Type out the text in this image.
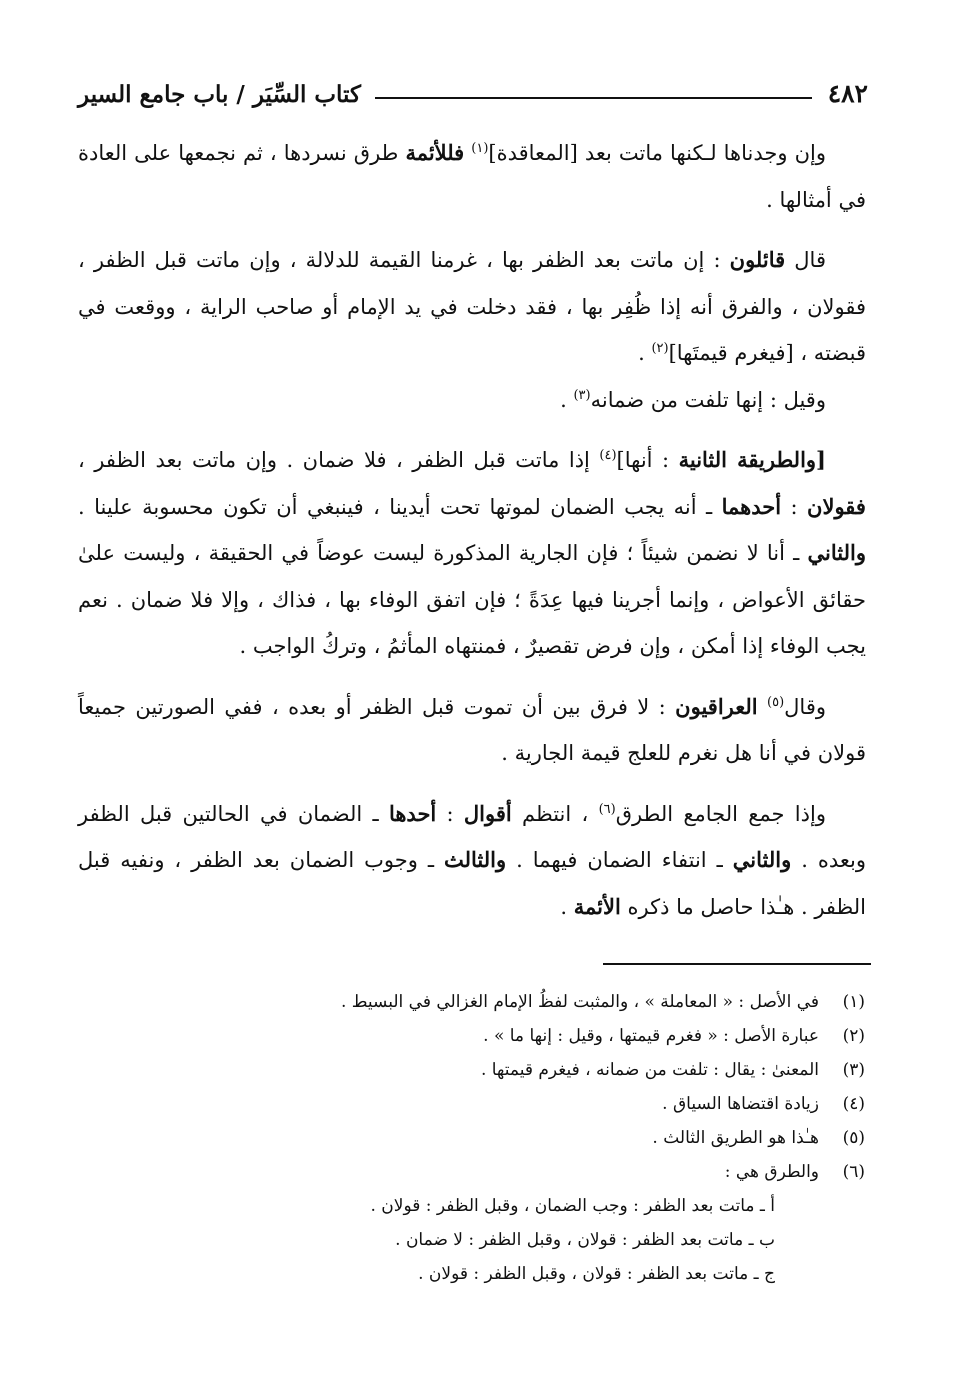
٤٨٢
كتاب السِّيَر / باب جامع السير

وإن وجدناها لـكنها ماتت بعد [المعاقدة]$^{(١)}$ فللأئمة طرق نسردها ، ثم نجمعها على العادة في أمثالها .

قال قائلون : إن ماتت بعد الظفر بها ، غرمنا القيمة للدلالة ، وإن ماتت قبل الظفر ، فقولان ، والفرق أنه إذا ظُفِر بها ، فقد دخلت في يد الإمام أو صاحب الراية ، ووقعت في قبضته ، [فيغرم قيمتَها]$^{(٢)}$ .

وقيل : إنها تلفت من ضمانه$^{(٣)}$ .

[والطريقة الثانية : أنها]$^{(٤)}$ إذا ماتت قبل الظفر ، فلا ضمان . وإن ماتت بعد الظفر ، فقولان : أحدهما ـ أنه يجب الضمان لموتها تحت أيدينا ، فينبغي أن تكون محسوبة علينا . والثاني ـ أنا لا نضمن شيئاً ؛ فإن الجارية المذكورة ليست عوضاً في الحقيقة ، وليست علىٰ حقائق الأعواض ، وإنما أجرينا فيها عِدَةً ؛ فإن اتفق الوفاء بها ، فذاك ، وإلا فلا ضمان . نعم يجب الوفاء إذا أمكن ، وإن فرض تقصيرٌ ، فمنتهاه المأثمُ ، وتركُ الواجب .

وقال$^{(٥)}$ العراقيون : لا فرق بين أن تموت قبل الظفر أو بعده ، ففي الصورتين جميعاً قولان في أنا هل نغرم للعلج قيمة الجارية .

وإذا جمع الجامع الطرق$^{(٦)}$ ، انتظم أقوال : أحدها ـ الضمان في الحالتين قبل الظفر وبعده . والثاني ـ انتفاء الضمان فيهما . والثالث ـ وجوب الضمان بعد الظفر ، ونفيه قبل الظفر . هـٰذا حاصل ما ذكره الأئمة .

(١)
في الأصل : « المعاملة » ، والمثبت لفظُ الإمام الغزالي في البسيط .
(٢)
عبارة الأصل : « فغرم قيمتها ، وقيل : إنها ما » .
(٣)
المعنىٰ : يقال : تلفت من ضمانه ، فيغرم قيمتها .
(٤)
زيادة اقتضاها السياق .
(٥)
هـٰذا هو الطريق الثالث .
(٦)
والطرق هي :
أ ـ ماتت بعد الظفر : وجب الضمان ، وقبل الظفر : قولان .
ب ـ ماتت بعد الظفر : قولان ، وقبل الظفر : لا ضمان .
ج ـ ماتت بعد الظفر : قولان ، وقبل الظفر : قولان .
